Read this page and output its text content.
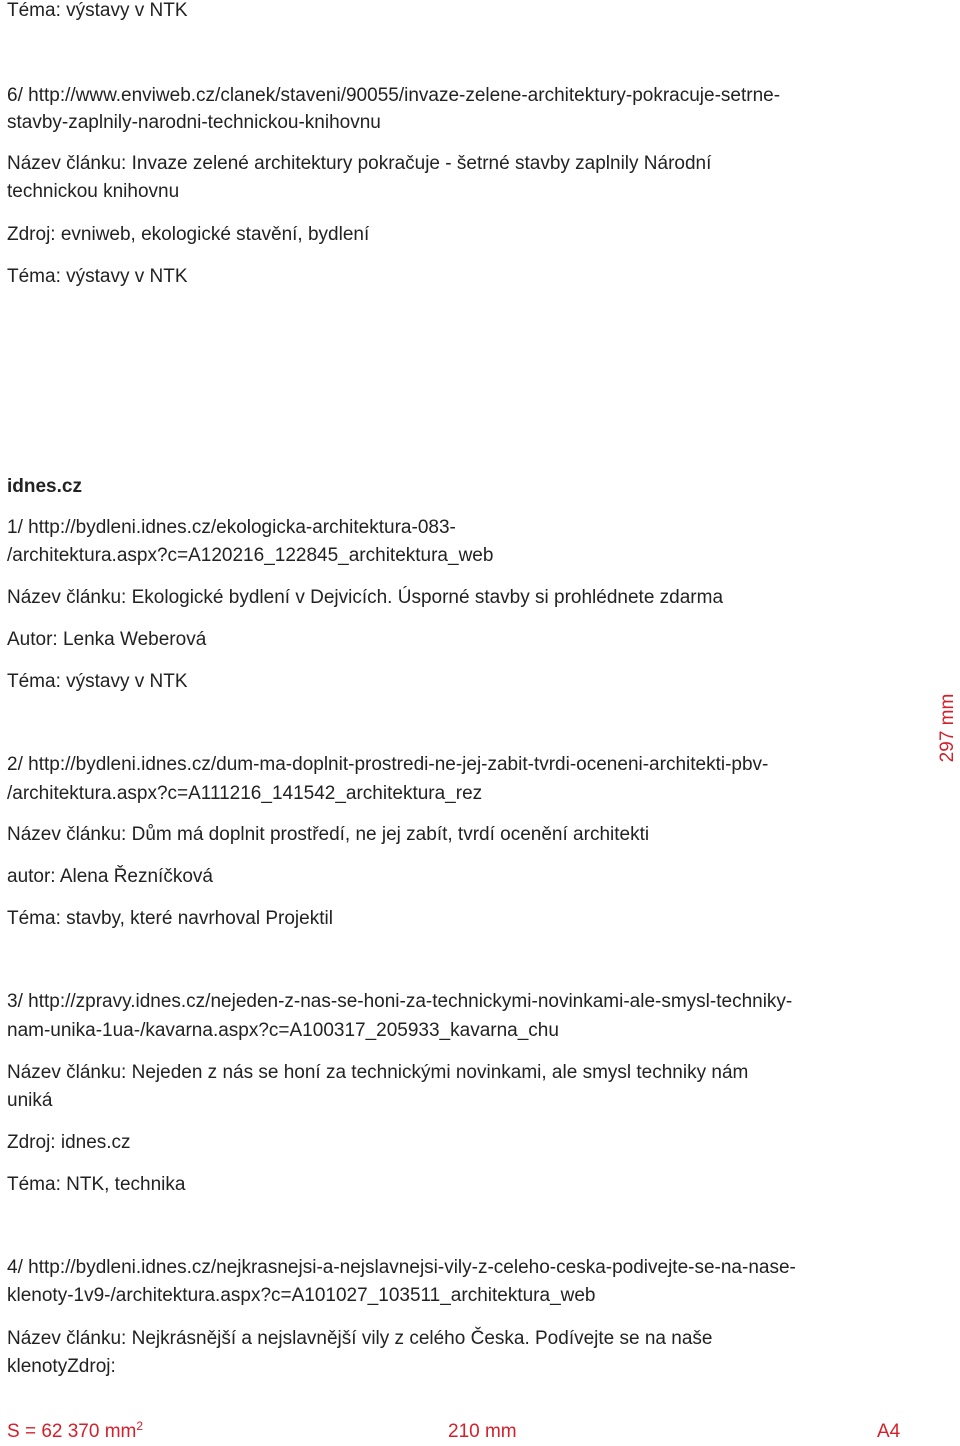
Téma: výstavy v NTK
6/ http://www.enviweb.cz/clanek/staveni/90055/invaze-zelene-architektury-pokracuje-setrne-
stavby-zaplnily-narodni-technickou-knihovnu
Název článku: Invaze zelené architektury pokračuje - šetrné stavby zaplnily Národní
technickou knihovnu
Zdroj: evniweb, ekologické stavění, bydlení
Téma: výstavy v NTK
idnes.cz
1/ http://bydleni.idnes.cz/ekologicka-architektura-083-
/architektura.aspx?c=A120216_122845_architektura_web
Název článku: Ekologické bydlení v Dejvicích. Úsporné stavby si prohlédnete zdarma
Autor: Lenka Weberová
Téma: výstavy v NTK
2/ http://bydleni.idnes.cz/dum-ma-doplnit-prostredi-ne-jej-zabit-tvrdi-oceneni-architekti-pbv-
/architektura.aspx?c=A111216_141542_architektura_rez
Název článku: Dům má doplnit prostředí, ne jej zabít, tvrdí ocenění architekti
autor: Alena Řezníčková
Téma: stavby, které navrhoval Projektil
3/ http://zpravy.idnes.cz/nejeden-z-nas-se-honi-za-technickymi-novinkami-ale-smysl-techniky-
nam-unika-1ua-/kavarna.aspx?c=A100317_205933_kavarna_chu
Název článku: Nejeden z nás se honí za technickými novinkami, ale smysl techniky nám
uniká
Zdroj: idnes.cz
Téma: NTK, technika
4/ http://bydleni.idnes.cz/nejkrasnejsi-a-nejslavnejsi-vily-z-celeho-ceska-podivejte-se-na-nase-
klenoty-1v9-/architektura.aspx?c=A101027_103511_architektura_web
Název článku: Nejkrásnější a nejslavnější vily z celého Česka. Podívejte se na naše
klenotyZdroj:
297 mm
S = 62 370 $mm^2$	210 mm	A4
